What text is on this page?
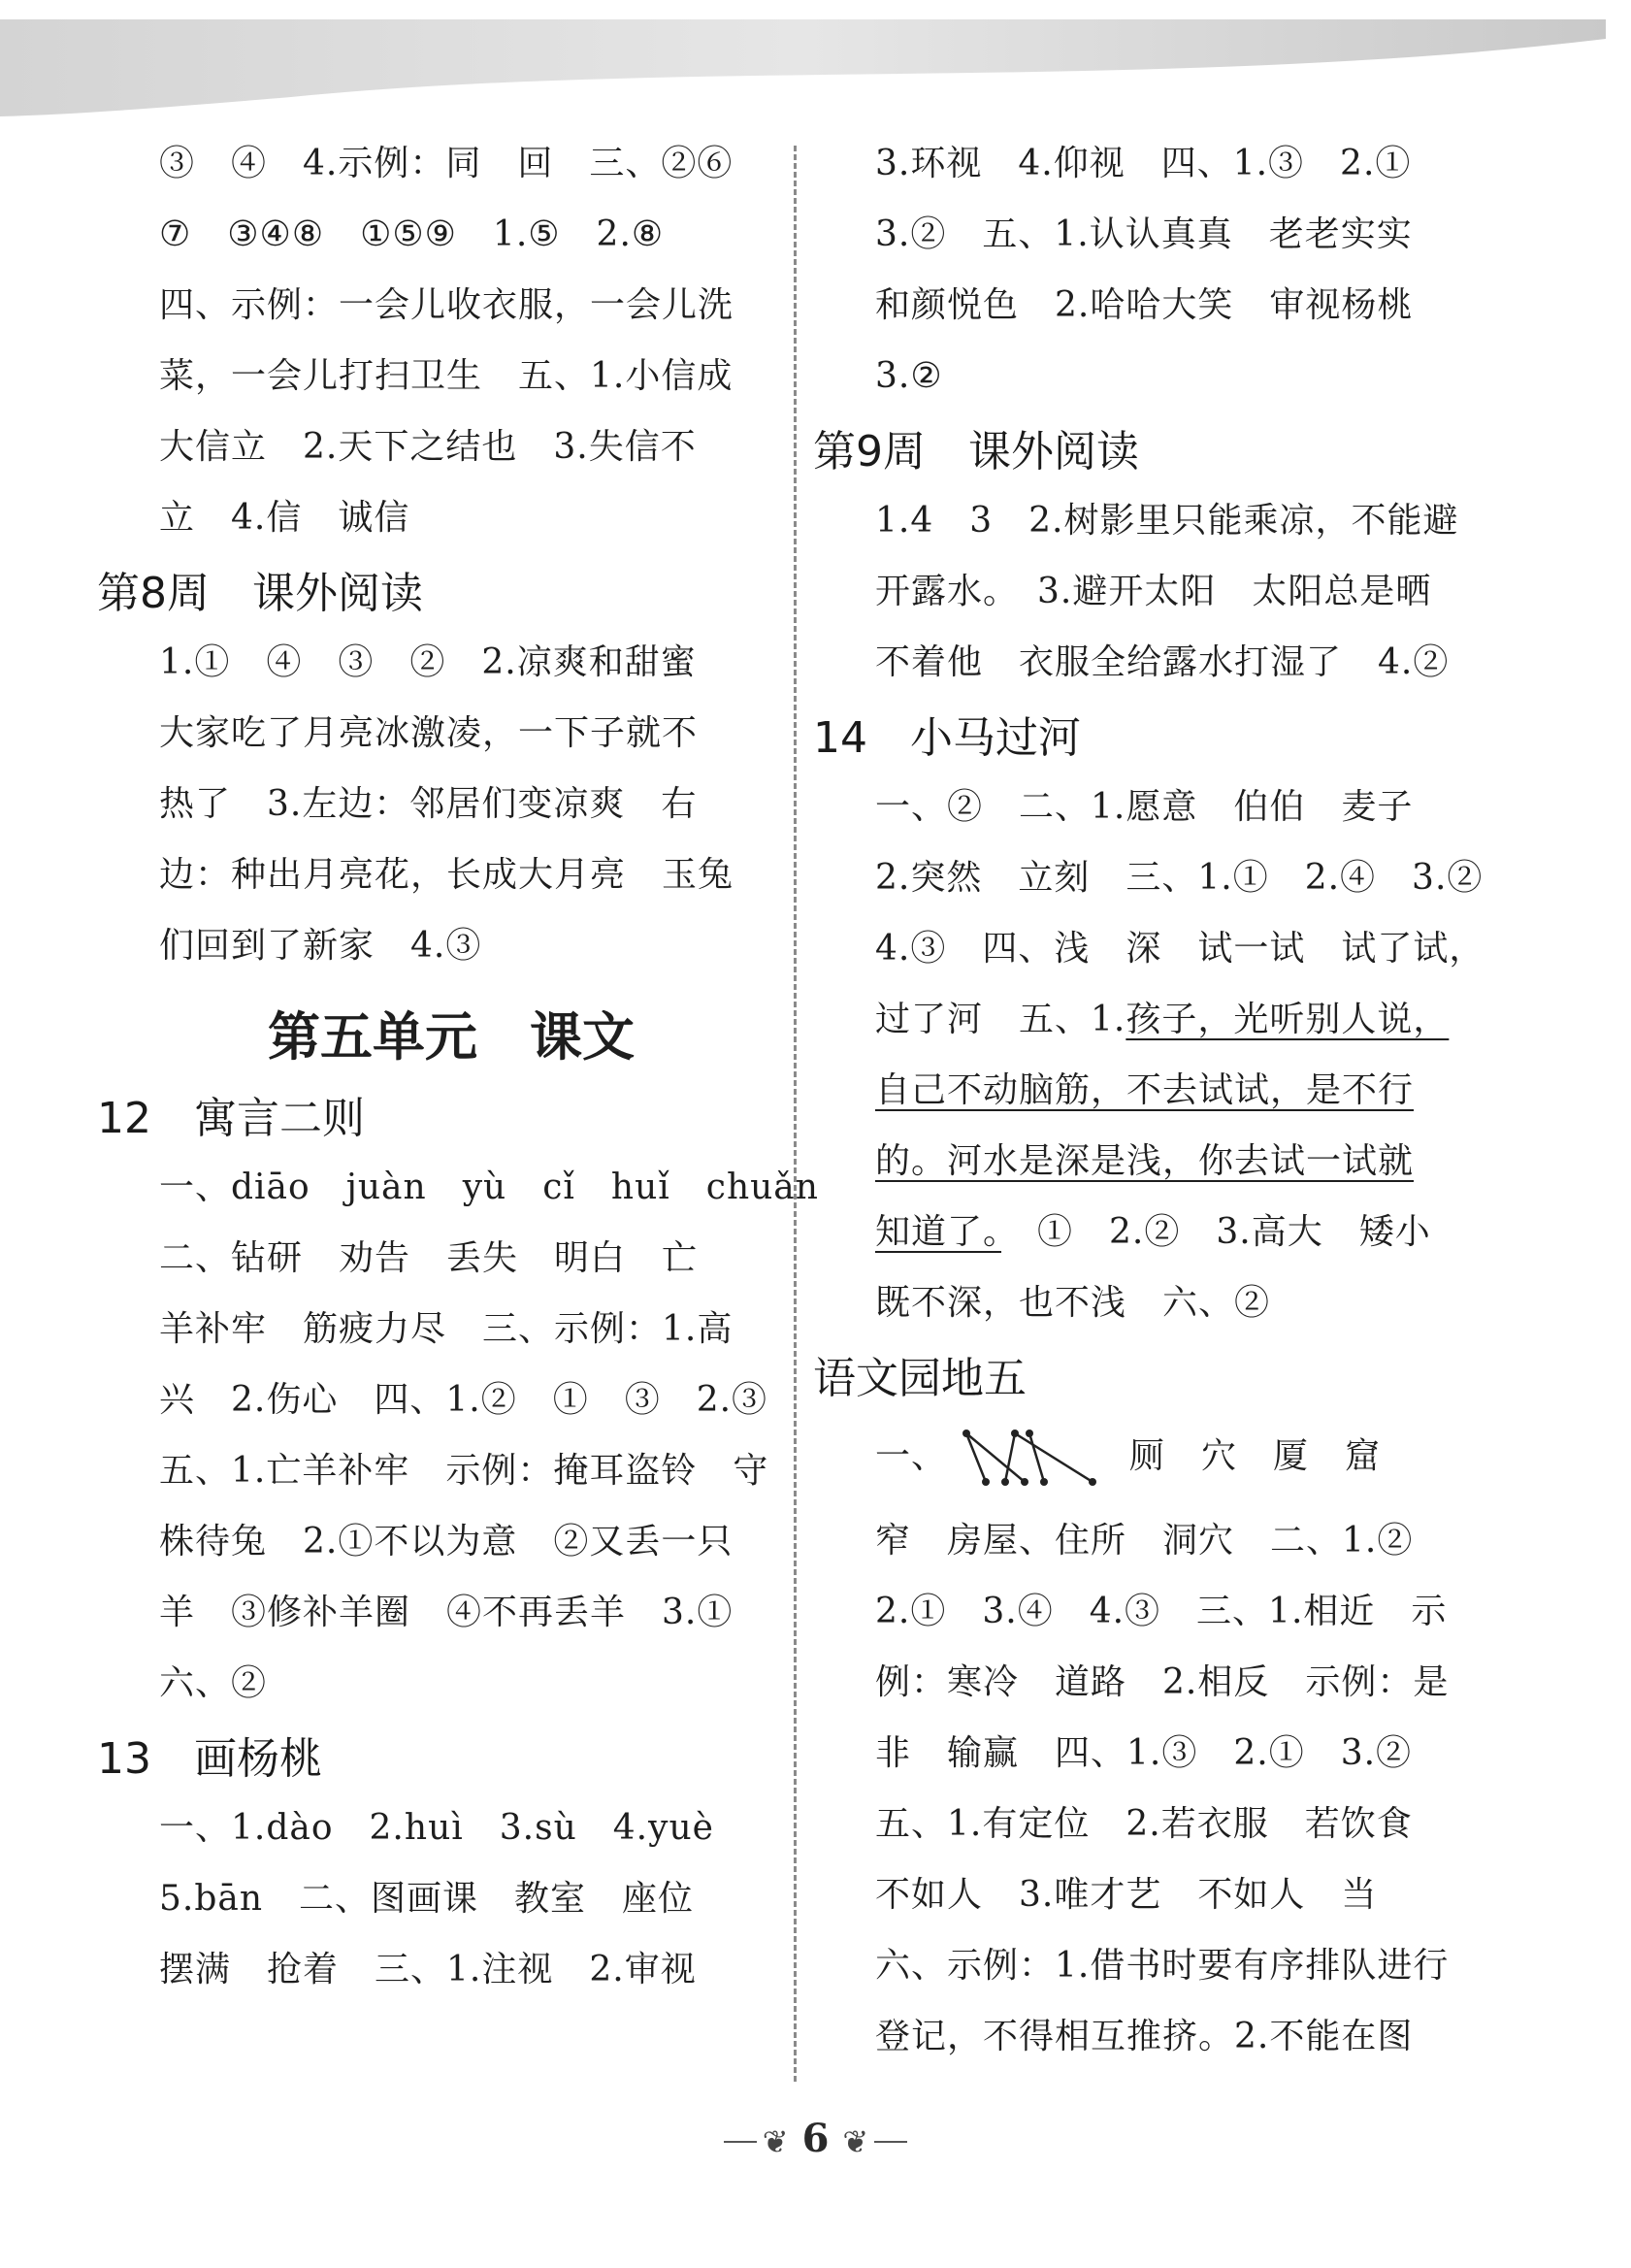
③　④　4.示例：同　回　三、②⑥
⑦　③④⑧　①⑤⑨　1.⑤　2.⑧
四、示例：一会儿收衣服，一会儿洗
菜，一会儿打扫卫生　五、1.小信成
大信立　2.天下之结也　3.失信不
立　4.信　诚信
第8周　课外阅读
1.①　④　③　②　2.凉爽和甜蜜
大家吃了月亮冰激凌，一下子就不
热了　3.左边：邻居们变凉爽　右
边：种出月亮花，长成大月亮　玉兔
们回到了新家　4.③
第五单元　课文
12　寓言二则
一、diāo　juàn　yù　cǐ　huǐ　chuǎn
二、钻研　劝告　丢失　明白　亡
羊补牢　筋疲力尽　三、示例：1.高
兴　2.伤心　四、1.②　①　③　2.③
五、1.亡羊补牢　示例：掩耳盗铃　守
株待兔　2.①不以为意　②又丢一只
羊　③修补羊圈　④不再丢羊　3.①
六、②
13　画杨桃
一、1.dào　2.huì　3.sù　4.yuè
5.bān　二、图画课　教室　座位
摆满　抢着　三、1.注视　2.审视
3.环视　4.仰视　四、1.③　2.①
3.②　五、1.认认真真　老老实实
和颜悦色　2.哈哈大笑　审视杨桃
3.②
第9周　课外阅读
1.4　3　2.树影里只能乘凉，不能避
开露水。　3.避开太阳　太阳总是晒
不着他　衣服全给露水打湿了　4.②
14　小马过河
一、②　二、1.愿意　伯伯　麦子
2.突然　立刻　三、1.①　2.④　3.②
4.③　四、浅　深　试一试　试了试，
过了河　五、1.孩子，光听别人说，
自己不动脑筋，不去试试，是不行
的。河水是深是浅，你去试一试就
知道了。　①　2.②　3.高大　矮小
既不深，也不浅　六、②
语文园地五
一、	厕　穴　厦　窟
窄　房屋、住所　洞穴　二、1.②
2.①　3.④　4.③　三、1.相近　示
例：寒冷　道路　2.相反　示例：是
非　输赢　四、1.③　2.①　3.②
五、1.有定位　2.若衣服　若饮食
不如人　3.唯才艺　不如人　当
六、示例：1.借书时要有序排队进行
登记，不得相互推挤。2.不能在图
❦ 6 ❦
